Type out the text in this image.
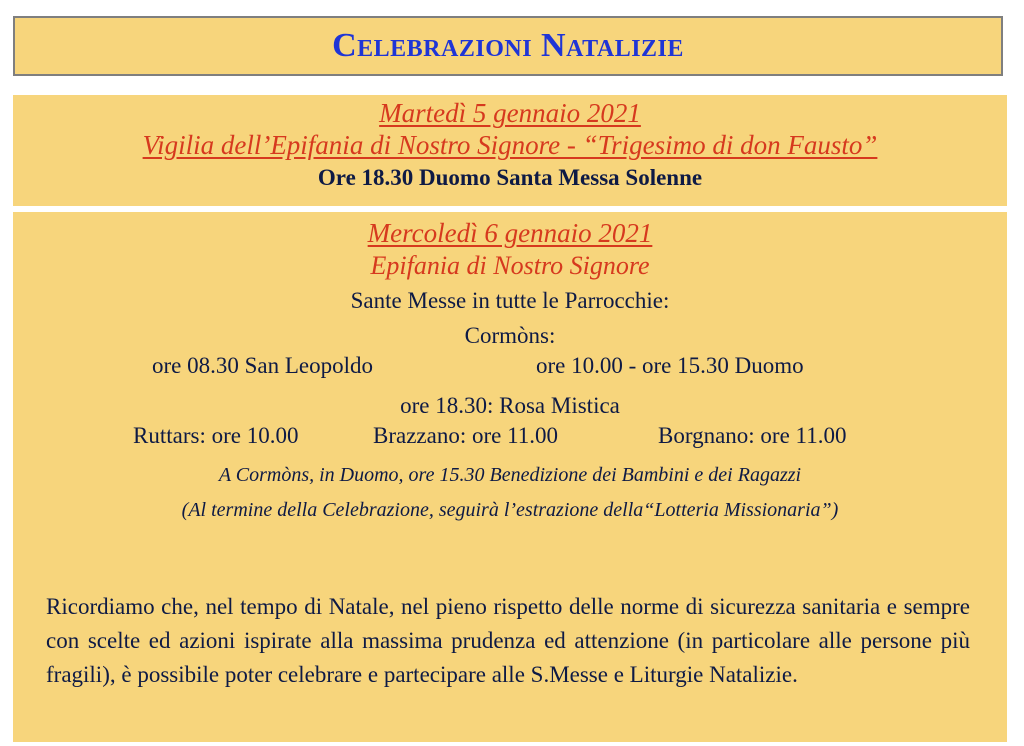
Celebrazioni Natalizie
Martedì 5 gennaio 2021
Vigilia dell’Epifania di Nostro Signore - “Trigesimo di don Fausto”
Ore 18.30 Duomo Santa Messa Solenne
Mercoledì 6 gennaio 2021
Epifania di Nostro Signore
Sante Messe in tutte le Parrocchie:
Cormòns:
ore 08.30 San Leopoldo	ore 10.00 - ore 15.30 Duomo
ore 18.30: Rosa Mistica
Ruttars: ore 10.00	Brazzano: ore 11.00	Borgnano: ore 11.00
A Cormòns, in Duomo, ore 15.30 Benedizione dei Bambini e dei Ragazzi
(Al termine della Celebrazione, seguirà l’estrazione della“Lotteria Missionaria”)
Ricordiamo che, nel tempo di Natale, nel pieno rispetto delle norme di sicurezza sanitaria e sempre con scelte ed azioni ispirate alla massima prudenza ed attenzione (in particolare alle persone più fragili), è possibile poter celebrare e partecipare alle S.Messe e Liturgie Natalizie.
